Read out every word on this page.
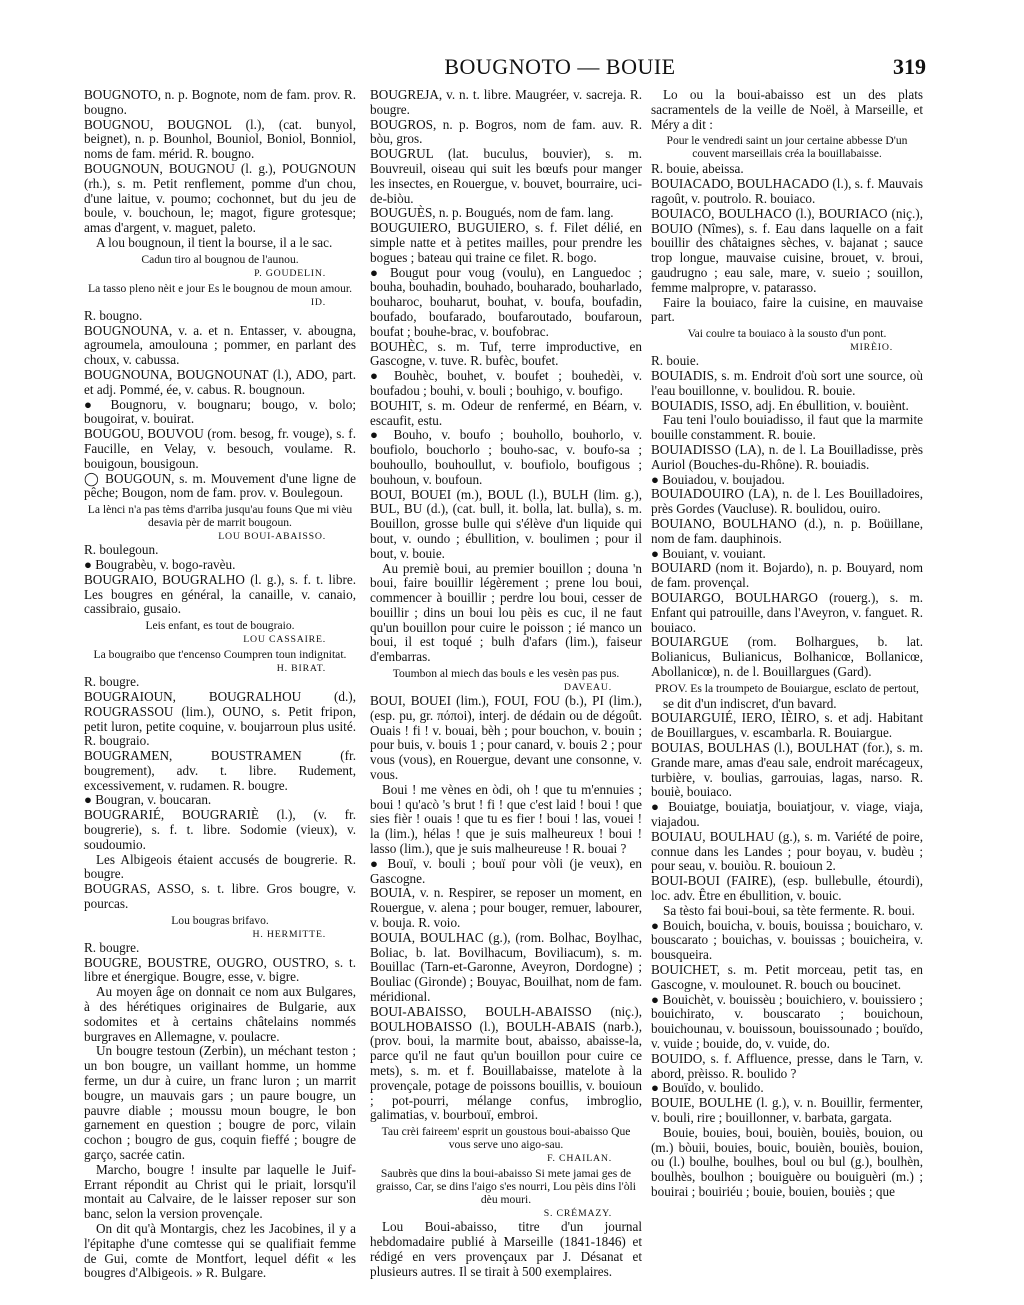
BOUGNOTO — BOUIE	319

BOUGNOTO, n. p. Bognote, nom de fam. prov. R. bougno.

BOUGNOU, BOUGNOL (l.), (cat. bunyol, beignet), n. p. Bounhol, Bouniol, Boniol, Bonniol, noms de fam. mérid. R. bougno.

BOUGNOUN, BOUGNOU (l. g.), POUGNOUN (rh.), s. m. Petit renflement, pomme d'un chou, d'une laitue, v. poumo; cochonnet, but du jeu de boule, v. bouchoun, le; magot, figure grotesque; amas d'argent, v. maguet, paleto.

A lou bougnoun, il tient la bourse, il a le sac.

Cadun tiro al bougnou de l'aunou.

P. GOUDELIN.

La tasso pleno nèit e jour Es le bougnou de moun amour.

ID.

R. bougno.

BOUGNOUNA, v. a. et n. Entasser, v. abougna, agroumela, amoulouna ; pommer, en parlant des choux, v. cabussa.

BOUGNOUNA, BOUGNOUNAT (l.), ADO, part. et adj. Pommé, ée, v. cabus. R. bougnoun.

● Bougnoru, v. bougnaru; bougo, v. bolo; bougoirat, v. bouirat.

BOUGOU, BOUVOU (rom. besog, fr. vouge), s. f. Faucille, en Velay, v. besouch, voulame. R. bouigoun, bousigoun.

◯ BOUGOUN, s. m. Mouvement d'une ligne de pêche; Bougon, nom de fam. prov. v. Boulegoun.

La lènci n'a pas tèms d'arriba jusqu'au founs Que mi vièu desavia pèr de marrit bougoun.

LOU BOUI-ABAISSO.

R. boulegoun.

● Bougrabèu, v. bogo-ravèu.

BOUGRAIO, BOUGRALHO (l. g.), s. f. t. libre. Les bougres en général, la canaille, v. canaio, cassibraio, gusaio.

Leis enfant, es tout de bougraio.

LOU CASSAIRE.

La bougraibo que t'encenso Coumpren toun indignitat.

H. BIRAT.

R. bougre.

BOUGRAIOUN, BOUGRALHOU (d.), ROUGRASSOU (lim.), OUNO, s. Petit fripon, petit luron, petite coquine, v. boujarroun plus usité. R. bougraio.

BOUGRAMEN, BOUSTRAMEN (fr. bougrement), adv. t. libre. Rudement, excessivement, v. rudamen. R. bougre.

● Bougran, v. boucaran.

BOUGRARIÉ, BOUGRARIÈ (l.), (v. fr. bougrerie), s. f. t. libre. Sodomie (vieux), v. soudoumio.

Les Albigeois étaient accusés de bougrerie. R. bougre.

BOUGRAS, ASSO, s. t. libre. Gros bougre, v. pourcas.

Lou bougras brifavo.

H. HERMITTE.

R. bougre.

BOUGRE, BOUSTRE, OUGRO, OUSTRO, s. t. libre et énergique. Bougre, esse, v. bigre.

Au moyen âge on donnait ce nom aux Bulgares, à des hérétiques originaires de Bulgarie, aux sodomites et à certains châtelains nommés burgraves en Allemagne, v. poulacre.

Un bougre testoun (Zerbin), un méchant teston ; un bon bougre, un vaillant homme, un homme ferme, un dur à cuire, un franc luron ; un marrit bougre, un mauvais gars ; un paure bougre, un pauvre diable ; moussu moun bougre, le bon garnement en question ; bougre de porc, vilain cochon ; bougro de gus, coquin fieffé ; bougre de garço, sacrée catin.

Marcho, bougre ! insulte par laquelle le Juif-Errant répondit au Christ qui le priait, lorsqu'il montait au Calvaire, de le laisser reposer sur son banc, selon la version provençale.

On dit qu'à Montargis, chez les Jacobines, il y a l'épitaphe d'une comtesse qui se qualifiait femme de Gui, comte de Montfort, lequel défit « les bougres d'Albigeois. » R. Bulgare.

BOUGREJA, v. n. t. libre. Maugréer, v. sacreja. R. bougre.

BOUGROS, n. p. Bogros, nom de fam. auv. R. bòu, gros.

BOUGRUL (lat. buculus, bouvier), s. m. Bouvreuil, oiseau qui suit les bœufs pour manger les insectes, en Rouergue, v. bouvet, bourraire, uci-de-biòu.

BOUGUÈS, n. p. Bougués, nom de fam. lang.

BOUGUIERO, BUGUIERO, s. f. Filet délié, en simple natte et à petites mailles, pour prendre les bogues ; bateau qui traine ce filet. R. bogo.

● Bougut pour voug (voulu), en Languedoc ; bouha, bouhadin, bouhado, bouharado, bouharlado, bouharoc, bouharut, bouhat, v. boufa, boufadin, boufado, boufarado, boufaroutado, boufaroun, boufat ; bouhe-brac, v. boufobrac.

BOUHÈC, s. m. Tuf, terre improductive, en Gascogne, v. tuve. R. bufèc, boufet.

● Bouhèc, bouhet, v. boufet ; bouhedèi, v. boufadou ; bouhi, v. bouli ; bouhigo, v. boufigo.

BOUHIT, s. m. Odeur de renfermé, en Béarn, v. escaufit, estu.

● Bouho, v. boufo ; bouhollo, bouhorlo, v. boufiolo, bouchorlo ; bouho-sac, v. boufo-sa ; bouhoullo, bouhoullut, v. boufiolo, boufigous ; bouhoun, v. boufoun.

BOUI, BOUEI (m.), BOUL (l.), BULH (lim. g.), BUL, BU (d.), (cat. bull, it. bolla, lat. bulla), s. m. Bouillon, grosse bulle qui s'élève d'un liquide qui bout, v. oundo ; ébullition, v. boulimen ; pour il bout, v. bouie.

Au premiè boui, au premier bouillon ; douna 'n boui, faire bouillir légèrement ; prene lou boui, commencer à bouillir ; perdre lou boui, cesser de bouillir ; dins un boui lou pèis es cuc, il ne faut qu'un bouillon pour cuire le poisson ; ié manco un boui, il est toqué ; bulh d'afars (lim.), faiseur d'embarras.

Toumbon al miech das bouls e les vesèn pas pus.

DAVEAU.

BOUI, BOUEI (lim.), FOUI, FOU (b.), PI (lim.), (esp. pu, gr. πόπoi), interj. de dédain ou de dégoût. Ouais ! fi ! v. bouai, bèh ; pour bouchon, v. bouin ; pour buis, v. bouis 1 ; pour canard, v. bouis 2 ; pour vous (vous), en Rouergue, devant une consonne, v. vous.

Boui ! me vènes en òdi, oh ! que tu m'ennuies ; boui ! qu'acò 's brut ! fi ! que c'est laid ! boui ! que sies fièr ! ouais ! que tu es fier ! boui ! las, vouei ! la (lim.), hélas ! que je suis malheureux ! boui ! lasso (lim.), que je suis malheureuse ! R. bouai ?

● Bouï, v. bouli ; bouï pour vòli (je veux), en Gascogne.

BOUIA, v. n. Respirer, se reposer un moment, en Rouergue, v. alena ; pour bouger, remuer, labourer, v. bouja. R. voio.

BOUIA, BOULHAC (g.), (rom. Bolhac, Boylhac, Boliac, b. lat. Bovilhacum, Boviliacum), s. m. Bouillac (Tarn-et-Garonne, Aveyron, Dordogne) ; Bouliac (Gironde) ; Bouyac, Bouilhat, nom de fam. méridional.

BOUI-ABAISSO, BOULH-ABAISSO (niç.), BOULHOBAISSO (l.), BOULH-ABAIS (narb.), (prov. boui, la marmite bout, abaisso, abaisse-la, parce qu'il ne faut qu'un bouillon pour cuire ce mets), s. m. et f. Bouillabaisse, matelote à la provençale, potage de poissons bouillis, v. bouioun ; pot-pourri, mélange confus, imbroglio, galimatias, v. bourbouï, embroi.

Tau crèi faireem' esprit un goustous boui-abaisso Que vous serve uno aigo-sau.

F. CHAILAN.

Saubrès que dins la boui-abaisso Si mete jamai ges de graisso, Car, se dins l'aigo s'es nourri, Lou pèis dins l'òli dèu mouri.

S. CRÉMAZY.

Lou Boui-abaisso, titre d'un journal hebdomadaire publié à Marseille (1841-1846) et rédigé en vers provençaux par J. Désanat et plusieurs autres. Il se tirait à 500 exemplaires.

Lo ou la boui-abaisso est un des plats sacramentels de la veille de Noël, à Marseille, et Méry a dit :

Pour le vendredi saint un jour certaine abbesse D'un couvent marseillais créa la bouillabaisse.

R. bouie, abeissa.

BOUIACADO, BOULHACADO (l.), s. f. Mauvais ragoût, v. poutrolo. R. bouiaco.

BOUIACO, BOULHACO (l.), BOURIACO (niç.), BOUIO (Nîmes), s. f. Eau dans laquelle on a fait bouillir des châtaignes sèches, v. bajanat ; sauce trop longue, mauvaise cuisine, brouet, v. broui, gaudrugno ; eau sale, mare, v. sueio ; souillon, femme malpropre, v. patarasso.

Faire la bouiaco, faire la cuisine, en mauvaise part.

Vai coulre ta bouiaco à la sousto d'un pont.

MIRÈIO.

R. bouie.

BOUIADIS, s. m. Endroit d'où sort une source, où l'eau bouillonne, v. boulidou. R. bouie.

BOUIADIS, ISSO, adj. En ébullition, v. bouiènt.

Fau teni l'oulo bouiadisso, il faut que la marmite bouille constamment. R. bouie.

BOUIADISSO (LA), n. de l. La Bouilladisse, près Auriol (Bouches-du-Rhône). R. bouiadis.

● Bouiadou, v. boujadou.

BOUIADOUIRO (LA), n. de l. Les Bouilladoires, près Gordes (Vaucluse). R. boulidou, ouiro.

BOUIANO, BOULHANO (d.), n. p. Boüillane, nom de fam. dauphinois.

● Bouiant, v. vouiant.

BOUIARD (nom it. Bojardo), n. p. Bouyard, nom de fam. provençal.

BOUIARGO, BOULHARGO (rouerg.), s. m. Enfant qui patrouille, dans l'Aveyron, v. fanguet. R. bouiaco.

BOUIARGUE (rom. Bolhargues, b. lat. Bolianicus, Bulianicus, Bolhanicœ, Bollanicœ, Abollanicœ), n. de l. Bouillargues (Gard).

PROV. Es la troumpeto de Bouiargue, esclato de pertout,

se dit d'un indiscret, d'un bavard.

BOUIARGUIÉ, IERO, IÈIRO, s. et adj. Habitant de Bouillargues, v. escambarla. R. Bouiargue.

BOUIAS, BOULHAS (l.), BOULHAT (for.), s. m. Grande mare, amas d'eau sale, endroit marécageux, turbière, v. boulias, garrouias, lagas, narso. R. bouiè, bouiaco.

● Bouiatge, bouiatja, bouiatjour, v. viage, viaja, viajadou.

BOUIAU, BOULHAU (g.), s. m. Variété de poire, connue dans les Landes ; pour boyau, v. budèu ; pour seau, v. bouiòu. R. bouioun 2.

BOUI-BOUI (FAIRE), (esp. bullebulle, étourdi), loc. adv. Être en ébullition, v. bouic.

Sa tèsto fai boui-boui, sa tète fermente. R. boui.

● Bouich, bouicha, v. bouis, bouissa ; bouicharo, v. bouscarato ; bouichas, v. bouissas ; bouicheira, v. bousqueira.

BOUICHET, s. m. Petit morceau, petit tas, en Gascogne, v. moulounet. R. bouch ou boucinet.

● Bouichèt, v. bouissèu ; bouichiero, v. bouissiero ; bouichirato, v. bouscarato ; bouichoun, bouichounau, v. bouissoun, bouissounado ; bouïdo, v. vuide ; bouide, do, v. vuide, do.

BOUIDO, s. f. Affluence, presse, dans le Tarn, v. abord, prèisso. R. boulido ?

● Bouïdo, v. boulido.

BOUIE, BOULHE (l. g.), v. n. Bouillir, fermenter, v. bouli, rire ; bouillonner, v. barbata, gargata.

Bouie, bouies, boui, bouièn, bouiès, bouion, ou (m.) bòuii, bouies, bouic, bouièn, bouiès, bouion, ou (l.) boulhe, boulhes, boul ou bul (g.), boulhèn, boulhès, boulhon ; bouiguère ou bouiguèri (m.) ; bouirai ; bouiriéu ; bouie, bouien, bouiès ; que
